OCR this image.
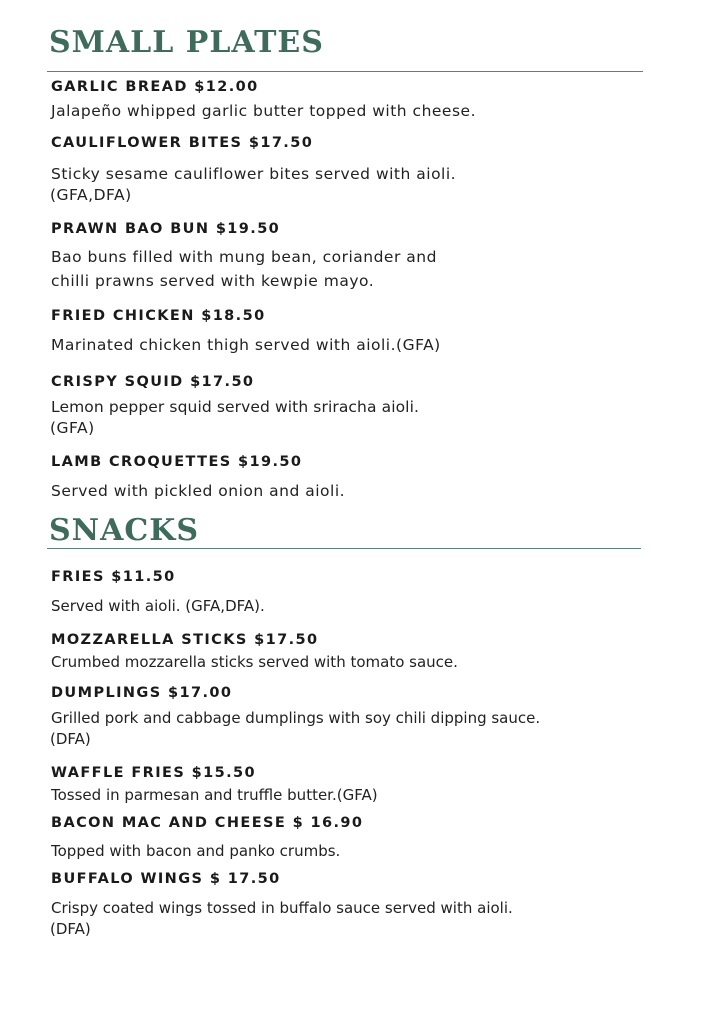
SMALL PLATES
GARLIC BREAD $12.00
Jalapeño whipped garlic butter topped with cheese.
CAULIFLOWER BITES $17.50
Sticky sesame cauliflower bites served with aioli.
(GFA,DFA)
PRAWN BAO BUN $19.50
Bao buns filled with mung bean, coriander and
chilli prawns served with kewpie mayo.
FRIED CHICKEN $18.50
Marinated chicken thigh served with aioli.(GFA)
CRISPY SQUID $17.50
Lemon pepper squid served with sriracha aioli.
(GFA)
LAMB CROQUETTES $19.50
Served with pickled onion and aioli.
SNACKS
FRIES $11.50
Served with aioli. (GFA,DFA).
MOZZARELLA STICKS $17.50
Crumbed mozzarella sticks served with tomato sauce.
DUMPLINGS $17.00
Grilled pork and cabbage dumplings with soy chili dipping sauce.
(DFA)
WAFFLE FRIES $15.50
Tossed in parmesan and truffle butter.(GFA)
BACON MAC AND CHEESE $ 16.90
Topped with bacon and panko crumbs.
BUFFALO WINGS $ 17.50
Crispy coated wings tossed in buffalo sauce served with aioli.
(DFA)
